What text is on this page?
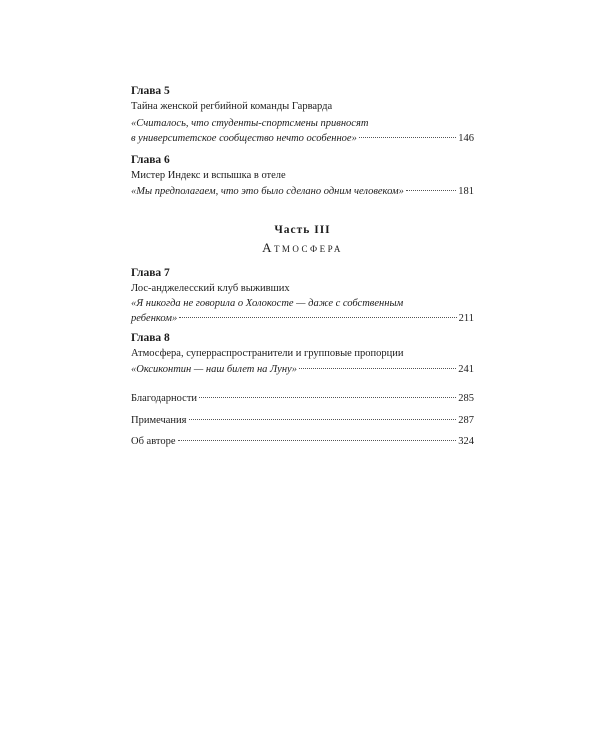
Глава 5
Тайна женской регбийной команды Гарварда
«Считалось, что студенты-спортсмены привносят
в университетское сообщество нечто особенное»	146
Глава 6
Мистер Индекс и вспышка в отеле
«Мы предполагаем, что это было сделано одним человеком»	181
Часть III
Атмосфера
Глава 7
Лос-анджелесский клуб выживших
«Я никогда не говорила о Холокосте — даже с собственным
ребенком»	211
Глава 8
Атмосфера, суперраспространители и групповые пропорции
«Оксиконтин — наш билет на Луну»	241
Благодарности	285
Примечания	287
Об авторе	324
